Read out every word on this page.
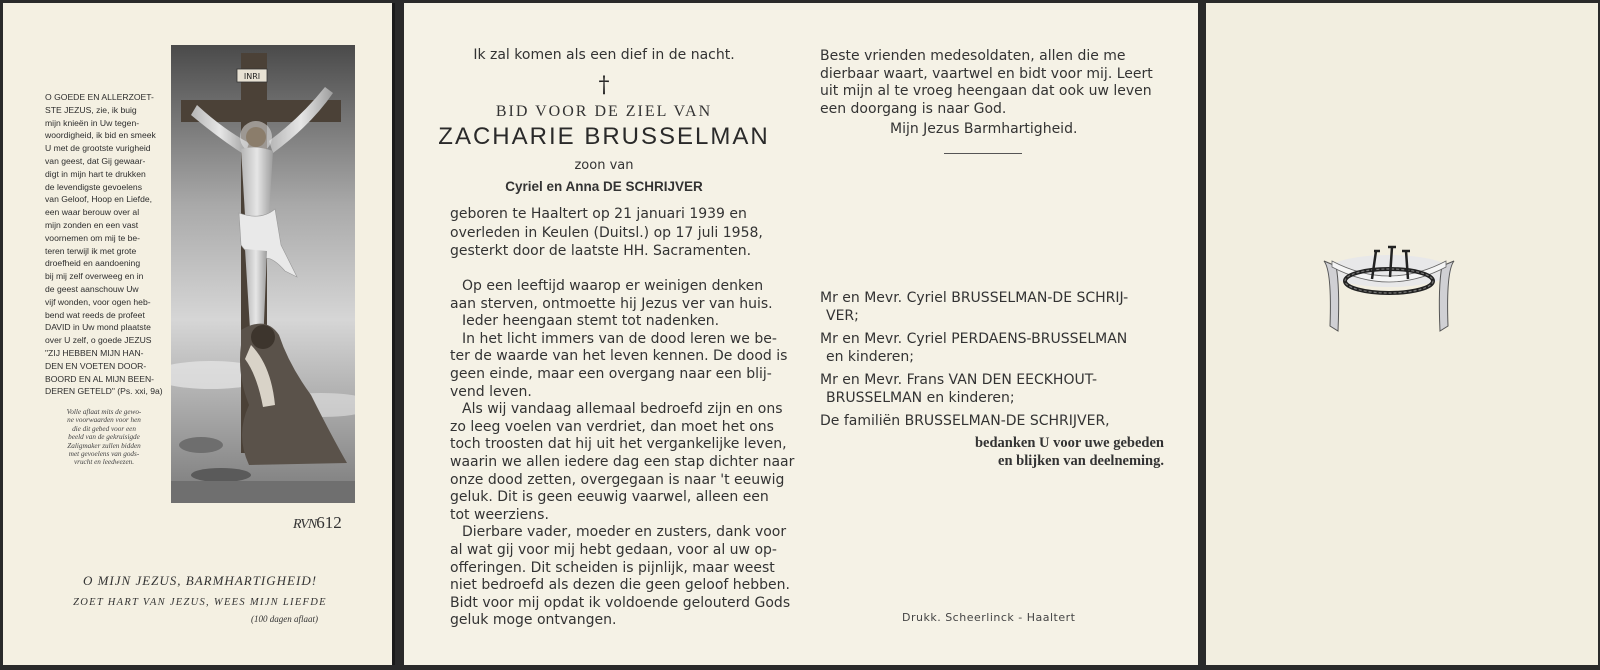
O GOEDE EN ALLERZOET-
STE JEZUS, zie, ik buig
mijn knieën in Uw tegen-
woordigheid, ik bid en smeek
U met de grootste vurigheid
van geest, dat Gij gewaar-
digt in mijn hart te drukken
de levendigste gevoelens
van Geloof, Hoop en Liefde,
een waar berouw over al
mijn zonden en een vast
voornemen om mij te be-
teren terwijl ik met grote
droefheid en aandoening
bij mij zelf overweeg en in
de geest aanschouw Uw
vijf wonden, voor ogen heb-
bend wat reeds de profeet
DAVID in Uw mond plaatste
over U zelf, o goede JEZUS
"ZIJ HEBBEN MIJN HAN-
DEN EN VOETEN DOOR-
BOORD EN AL MIJN BEEN-
DEREN GETELD" (Ps. xxi, 9a)
Volle aflaat mits de gewo-
ne voorwaarden voor hen
die dit gebed voor een
beeld van de gekruisigde
Zaligmaker zullen bidden
met gevoelens van gods-
vrucht en leedwezen.
INRI
RVN612
O MIJN JEZUS, BARMHARTIGHEID!
ZOET HART VAN JEZUS, WEES MIJN LIEFDE
(100 dagen aflaat)
Ik zal komen als een dief in de nacht.
†
BID VOOR DE ZIEL VAN
ZACHARIE BRUSSELMAN
zoon van
Cyriel en Anna DE SCHRIJVER
geboren te Haaltert op 21 januari 1939 en
overleden in Keulen (Duitsl.) op 17 juli 1958,
gesterkt door de laatste HH. Sacramenten.
Op een leeftijd waarop er weinigen denken
aan sterven, ontmoette hij Jezus ver van huis.
Ieder heengaan stemt tot nadenken.
In het licht immers van de dood leren we be-
ter de waarde van het leven kennen. De dood is
geen einde, maar een overgang naar een blij-
vend leven.
Als wij vandaag allemaal bedroefd zijn en ons
zo leeg voelen van verdriet, dan moet het ons
toch troosten dat hij uit het vergankelijke leven,
waarin we allen iedere dag een stap dichter naar
onze dood zetten, overgegaan is naar 't eeuwig
geluk. Dit is geen eeuwig vaarwel, alleen een
tot weerziens.
Dierbare vader, moeder en zusters, dank voor
al wat gij voor mij hebt gedaan, voor al uw op-
offeringen. Dit scheiden is pijnlijk, maar weest
niet bedroefd als dezen die geen geloof hebben.
Bidt voor mij opdat ik voldoende gelouterd Gods
geluk moge ontvangen.
Beste vrienden medesoldaten, allen die me
dierbaar waart, vaartwel en bidt voor mij. Leert
uit mijn al te vroeg heengaan dat ook uw leven
een doorgang is naar God.
Mijn Jezus Barmhartigheid.
Mr en Mevr. Cyriel BRUSSELMAN-DE SCHRIJ-
VER;
Mr en Mevr. Cyriel PERDAENS-BRUSSELMAN
en kinderen;
Mr en Mevr. Frans VAN DEN EECKHOUT-
BRUSSELMAN en kinderen;
De familiën BRUSSELMAN-DE SCHRIJVER,
bedanken U voor uwe gebeden
en blijken van deelneming.
Drukk. Scheerlinck - Haaltert
